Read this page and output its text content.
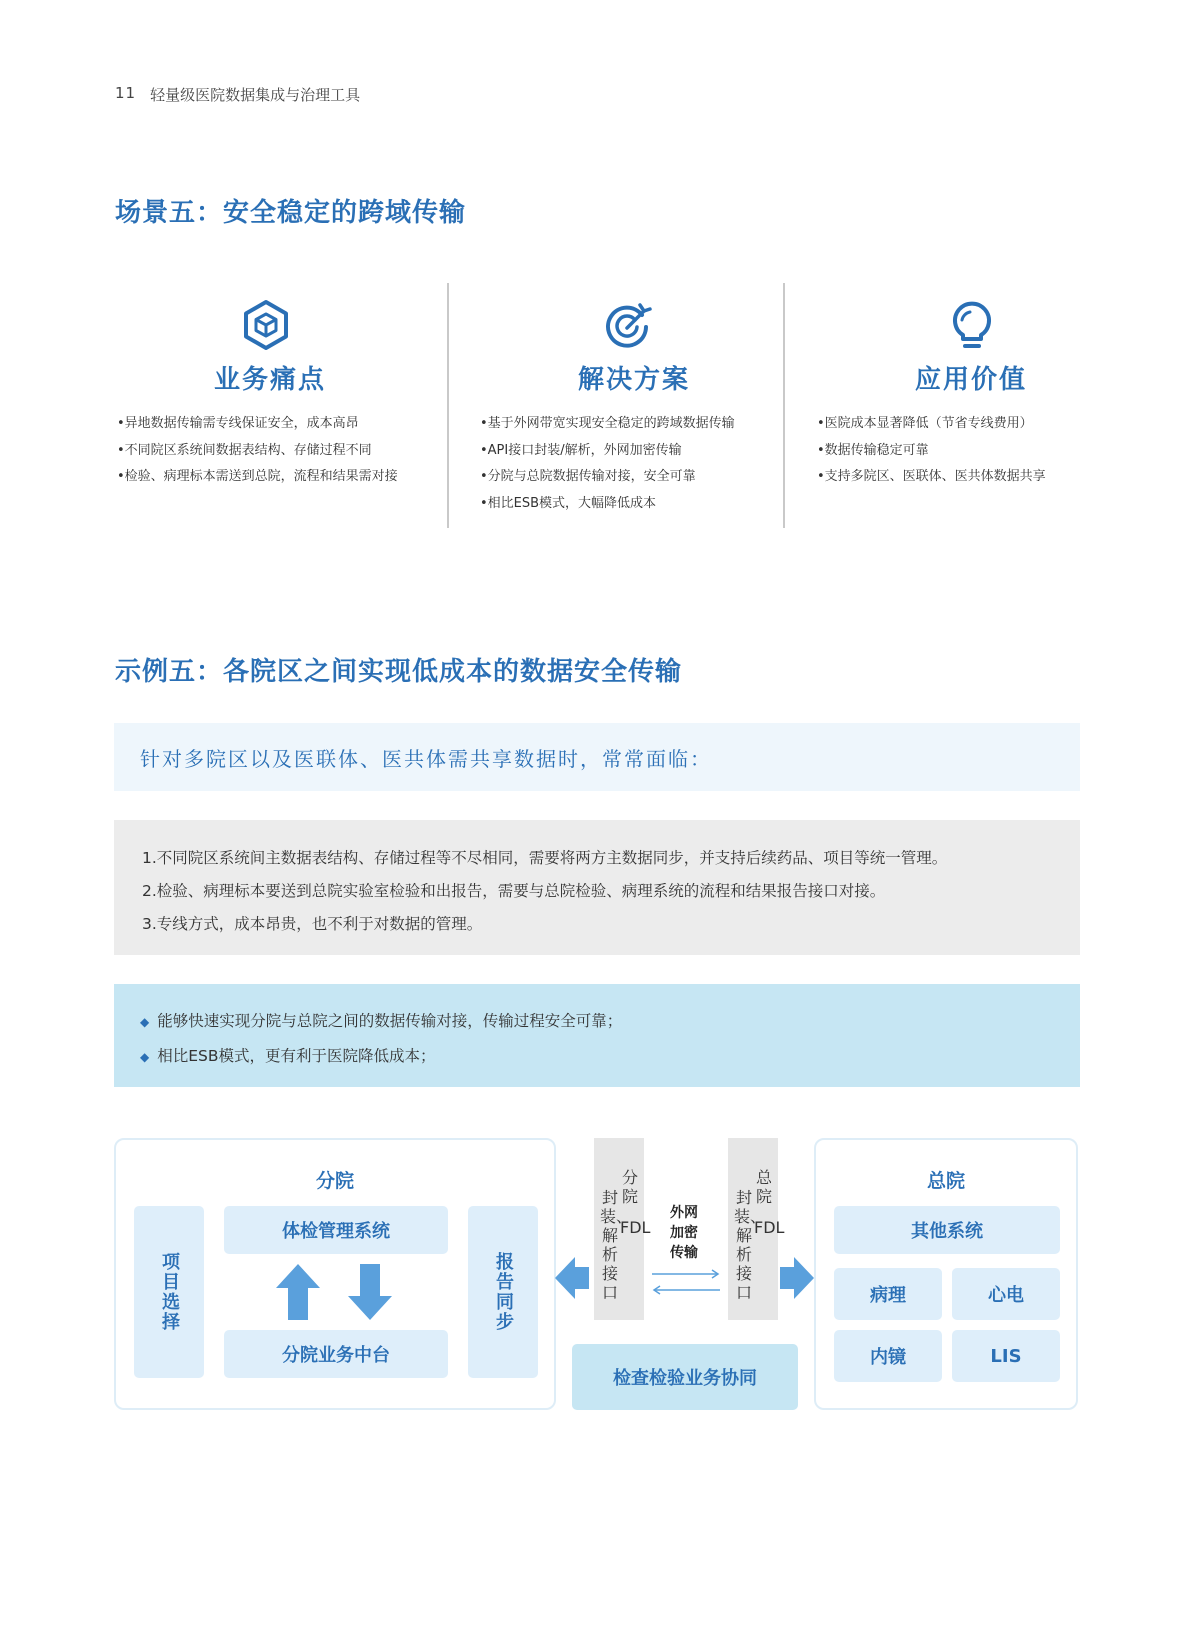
11 轻量级医院数据集成与治理工具
场景五：安全稳定的跨域传输
业务痛点
•异地数据传输需专线保证安全，成本高昂
•不同院区系统间数据表结构、存储过程不同
•检验、病理标本需送到总院，流程和结果需对接
解决方案	应用价值
•医院成本显著降低（节省专线费用）
•数据传输稳定可靠
•支持多院区、医联体、医共体数据共享
•基于外网带宽实现安全稳定的跨域数据传输
•API接口封装/解析，外网加密传输
•分院与总院数据传输对接，安全可靠
•相比ESB模式，大幅降低成本
示例五：各院区之间实现低成本的数据安全传输
针对多院区以及医联体、医共体需共享数据时，常常面临：
1.不同院区系统间主数据表结构、存储过程等不尽相同，需要将两方主数据同步，并支持后续药品、项目等统一管理。
2.检验、病理标本要送到总院实验室检验和出报告，需要与总院检验、病理系统的流程和结果报告接口对接。
3.专线方式，成本昂贵，也不利于对数据的管理。
◆ 能够快速实现分院与总院之间的数据传输对接，传输过程安全可靠；
◆ 相比ESB模式，更有利于医院降低成本；
分院
项目选择
体检管理系统
分院业务中台
报告同步
分院
封装、解析接口
FDL
外网加密传输
总院
封装、解析接口
FDL
检查检验业务协同
总院
其他系统
病理	心电
内镜	LIS
